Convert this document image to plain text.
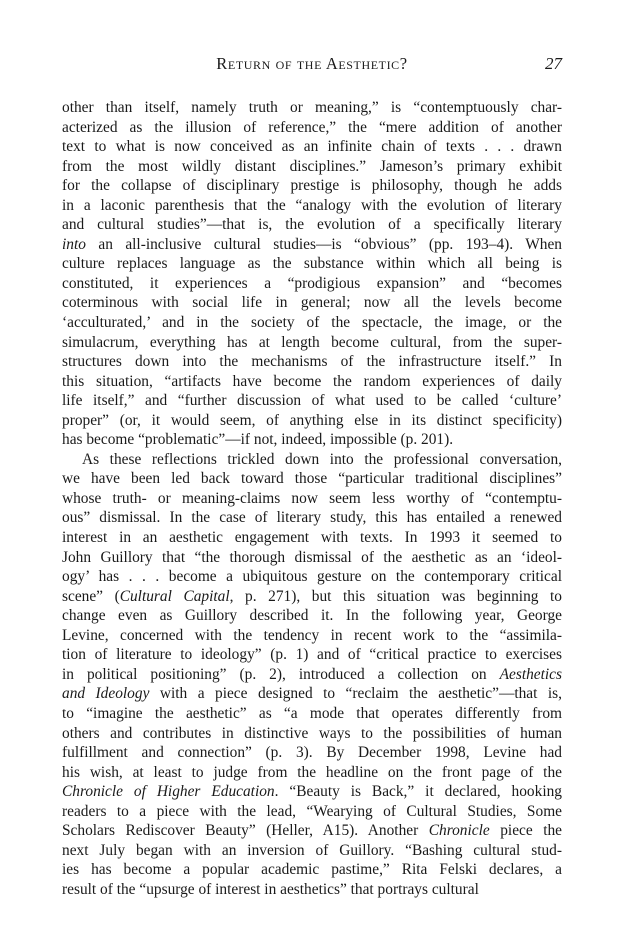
Return of the Aesthetic?	27
other than itself, namely truth or meaning,” is “contemptuously char-
acterized as the illusion of reference,” the “mere addition of another
text to what is now conceived as an infinite chain of texts . . . drawn
from the most wildly distant disciplines.” Jameson’s primary exhibit
for the collapse of disciplinary prestige is philosophy, though he adds
in a laconic parenthesis that the “analogy with the evolution of literary
and cultural studies”—that is, the evolution of a specifically literary
into an all-inclusive cultural studies—is “obvious” (pp. 193–4). When
culture replaces language as the substance within which all being is
constituted, it experiences a “prodigious expansion” and “becomes
coterminous with social life in general; now all the levels become
‘acculturated,’ and in the society of the spectacle, the image, or the
simulacrum, everything has at length become cultural, from the super-
structures down into the mechanisms of the infrastructure itself.” In
this situation, “artifacts have become the random experiences of daily
life itself,” and “further discussion of what used to be called ‘culture’
proper” (or, it would seem, of anything else in its distinct specificity)
has become “problematic”—if not, indeed, impossible (p. 201).
As these reflections trickled down into the professional conversation,
we have been led back toward those “particular traditional disciplines”
whose truth- or meaning-claims now seem less worthy of “contemptu-
ous” dismissal. In the case of literary study, this has entailed a renewed
interest in an aesthetic engagement with texts. In 1993 it seemed to
John Guillory that “the thorough dismissal of the aesthetic as an ‘ideol-
ogy’ has . . . become a ubiquitous gesture on the contemporary critical
scene” (Cultural Capital, p. 271), but this situation was beginning to
change even as Guillory described it. In the following year, George
Levine, concerned with the tendency in recent work to the “assimila-
tion of literature to ideology” (p. 1) and of “critical practice to exercises
in political positioning” (p. 2), introduced a collection on Aesthetics
and Ideology with a piece designed to “reclaim the aesthetic”—that is,
to “imagine the aesthetic” as “a mode that operates differently from
others and contributes in distinctive ways to the possibilities of human
fulfillment and connection” (p. 3). By December 1998, Levine had
his wish, at least to judge from the headline on the front page of the
Chronicle of Higher Education. “Beauty is Back,” it declared, hooking
readers to a piece with the lead, “Wearying of Cultural Studies, Some
Scholars Rediscover Beauty” (Heller, A15). Another Chronicle piece the
next July began with an inversion of Guillory. “Bashing cultural stud-
ies has become a popular academic pastime,” Rita Felski declares, a
result of the “upsurge of interest in aesthetics” that portrays cultural
